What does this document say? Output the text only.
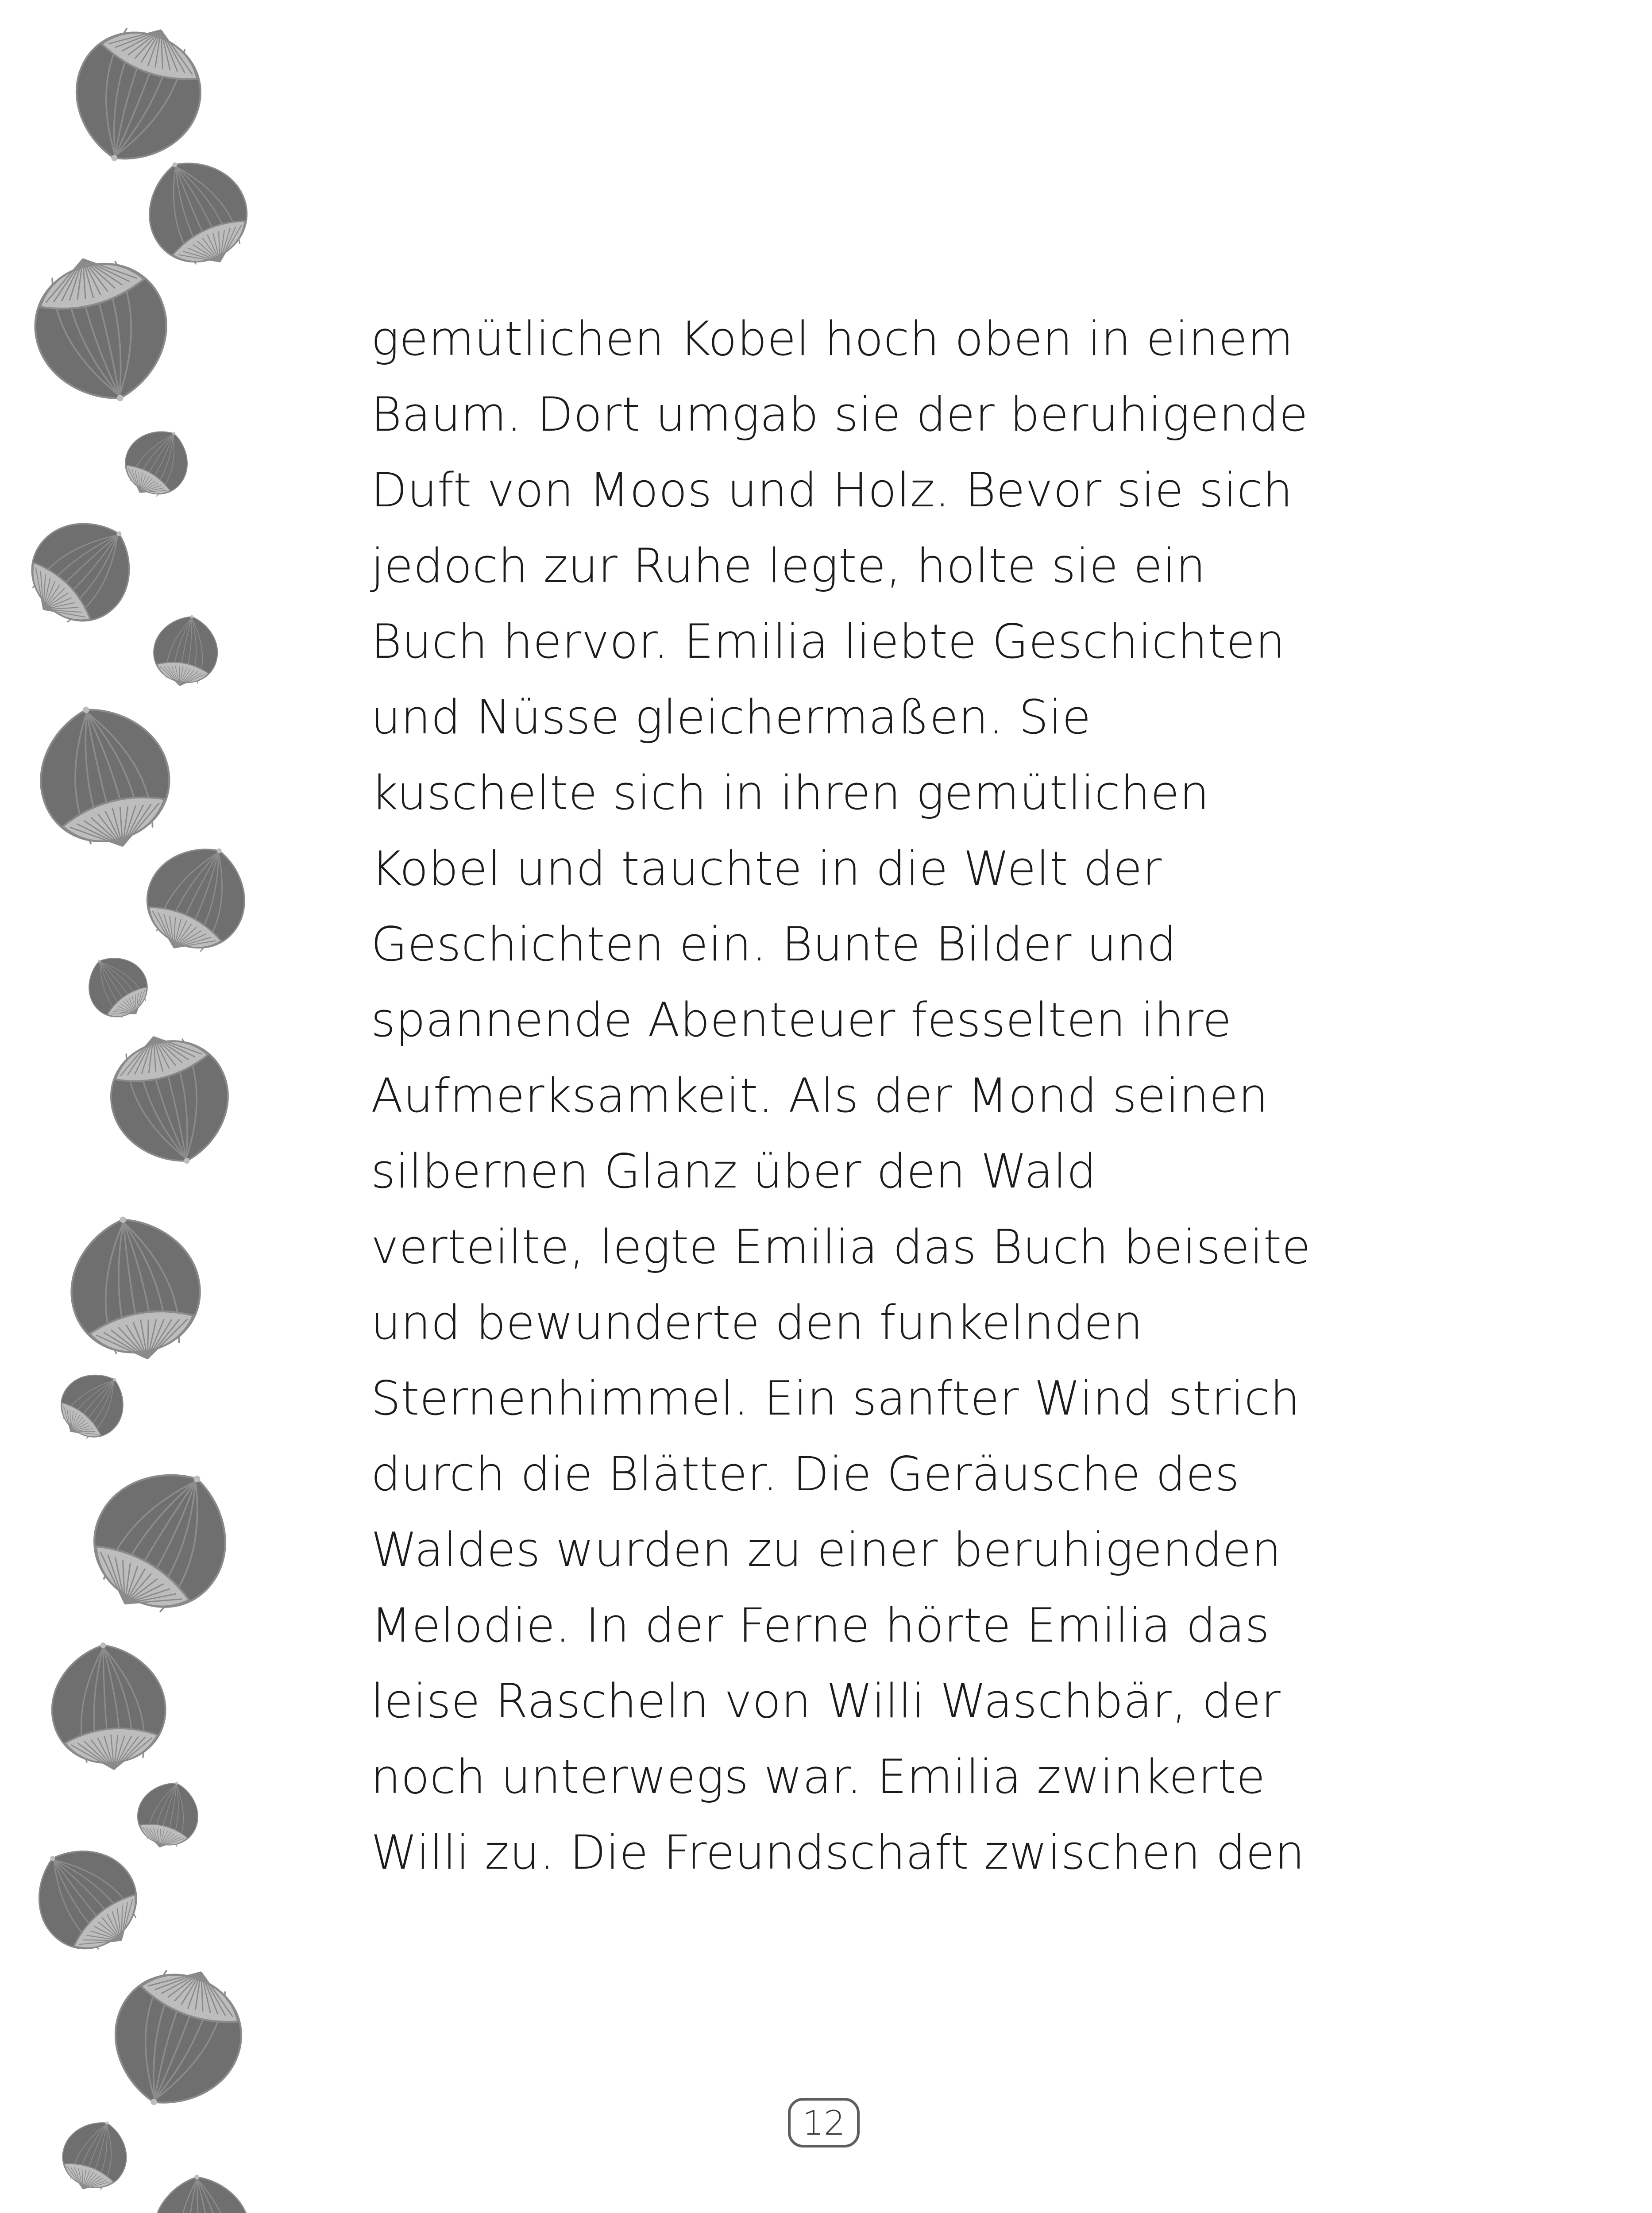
gemütlichen Kobel hoch oben in einem
Baum. Dort umgab sie der beruhigende
Duft von Moos und Holz. Bevor sie sich
jedoch zur Ruhe legte, holte sie ein
Buch hervor. Emilia liebte Geschichten
und Nüsse gleichermaßen. Sie
kuschelte sich in ihren gemütlichen
Kobel und tauchte in die Welt der
Geschichten ein. Bunte Bilder und
spannende Abenteuer fesselten ihre
Aufmerksamkeit. Als der Mond seinen
silbernen Glanz über den Wald
verteilte, legte Emilia das Buch beiseite
und bewunderte den funkelnden
Sternenhimmel. Ein sanfter Wind strich
durch die Blätter. Die Geräusche des
Waldes wurden zu einer beruhigenden
Melodie. In der Ferne hörte Emilia das
leise Rascheln von Willi Waschbär, der
noch unterwegs war. Emilia zwinkerte
Willi zu. Die Freundschaft zwischen den
12
